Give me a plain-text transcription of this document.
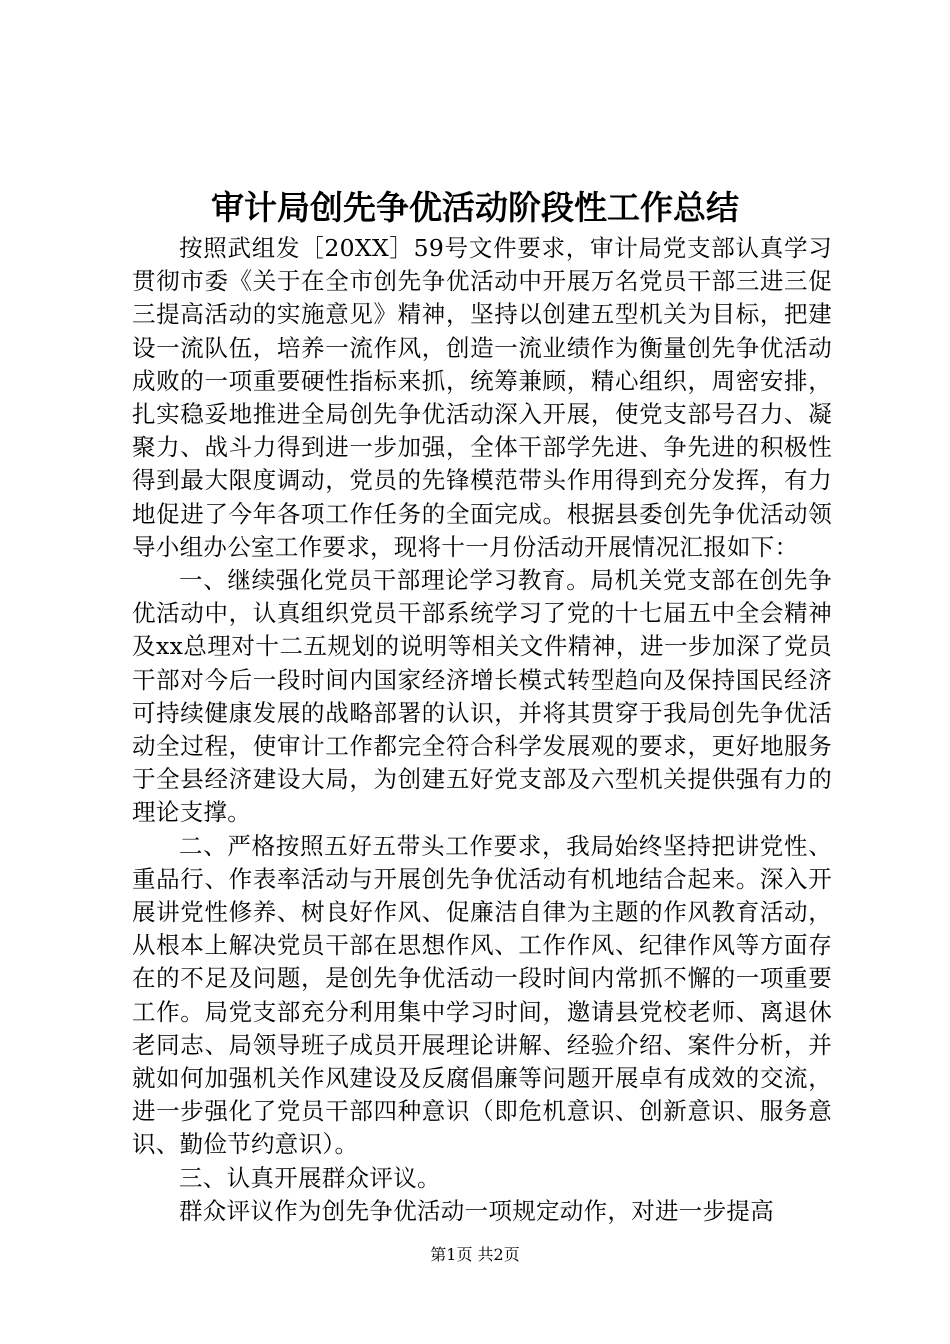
审计局创先争优活动阶段性工作总结

按照武组发［20XX］59号文件要求，审计局党支部认真学习贯彻市委《关于在全市创先争优活动中开展万名党员干部三进三促三提高活动的实施意见》精神，坚持以创建五型机关为目标，把建设一流队伍，培养一流作风，创造一流业绩作为衡量创先争优活动成败的一项重要硬性指标来抓，统筹兼顾，精心组织，周密安排，扎实稳妥地推进全局创先争优活动深入开展，使党支部号召力、凝聚力、战斗力得到进一步加强，全体干部学先进、争先进的积极性得到最大限度调动，党员的先锋模范带头作用得到充分发挥，有力地促进了今年各项工作任务的全面完成。根据县委创先争优活动领导小组办公室工作要求，现将十一月份活动开展情况汇报如下：

一、继续强化党员干部理论学习教育。局机关党支部在创先争优活动中，认真组织党员干部系统学习了党的十七届五中全会精神及xx总理对十二五规划的说明等相关文件精神，进一步加深了党员干部对今后一段时间内国家经济增长模式转型趋向及保持国民经济可持续健康发展的战略部署的认识，并将其贯穿于我局创先争优活动全过程，使审计工作都完全符合科学发展观的要求，更好地服务于全县经济建设大局，为创建五好党支部及六型机关提供强有力的理论支撑。

二、严格按照五好五带头工作要求，我局始终坚持把讲党性、重品行、作表率活动与开展创先争优活动有机地结合起来。深入开展讲党性修养、树良好作风、促廉洁自律为主题的作风教育活动，从根本上解决党员干部在思想作风、工作作风、纪律作风等方面存在的不足及问题，是创先争优活动一段时间内常抓不懈的一项重要工作。局党支部充分利用集中学习时间，邀请县党校老师、离退休老同志、局领导班子成员开展理论讲解、经验介绍、案件分析，并就如何加强机关作风建设及反腐倡廉等问题开展卓有成效的交流，进一步强化了党员干部四种意识（即危机意识、创新意识、服务意识、勤俭节约意识）。

三、认真开展群众评议。

群众评议作为创先争优活动一项规定动作，对进一步提高

第1页 共2页
